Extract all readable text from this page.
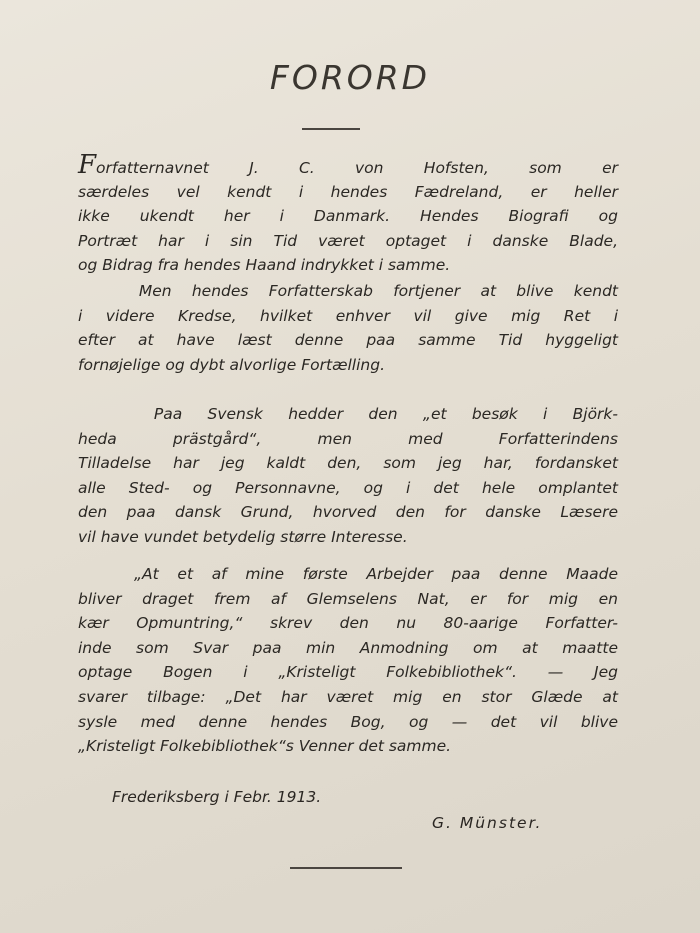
FORORD
Forfatternavnet J. C. von Hofsten, som er
særdeles vel kendt i hendes Fædreland, er heller
ikke ukendt her i Danmark. Hendes Biografi og
Portræt har i sin Tid været optaget i danske Blade,
og Bidrag fra hendes Haand indrykket i samme.
Men hendes Forfatterskab fortjener at blive kendt
i videre Kredse, hvilket enhver vil give mig Ret i
efter at have læst denne paa samme Tid hyggeligt
fornøjelige og dybt alvorlige Fortælling.
Paa Svensk hedder den „et besøk i Björk-
heda prästgård“, men med Forfatterindens
Tilladelse har jeg kaldt den, som jeg har, fordansket
alle Sted- og Personnavne, og i det hele omplantet
den paa dansk Grund, hvorved den for danske Læsere
vil have vundet betydelig større Interesse.
„At et af mine første Arbejder paa denne Maade
bliver draget frem af Glemselens Nat, er for mig en
kær Opmuntring,“ skrev den nu 80-aarige Forfatter-
inde som Svar paa min Anmodning om at maatte
optage Bogen i „Kristeligt Folkebibliothek“. — Jeg
svarer tilbage: „Det har været mig en stor Glæde at
sysle med denne hendes Bog, og — det vil blive
„Kristeligt Folkebibliothek“s Venner det samme.
Frederiksberg i Febr. 1913.
G. Münster.
